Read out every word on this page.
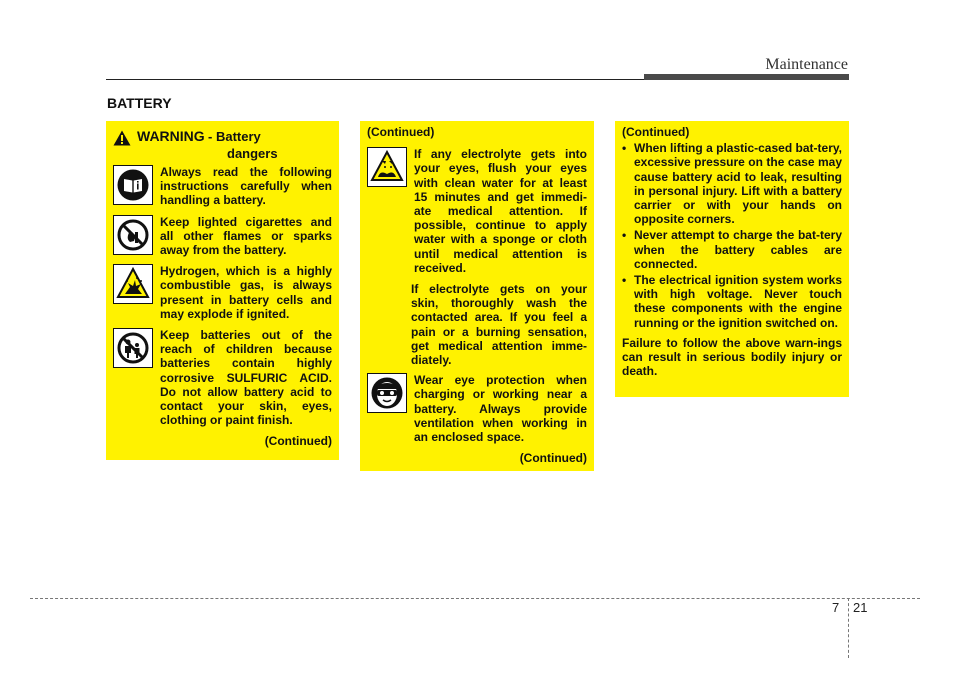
Maintenance
BATTERY
WARNING - Battery
dangers
Always read the following instructions carefully when handling a battery.
Keep lighted cigarettes and all other flames or sparks away from the battery.
Hydrogen, which is a highly combustible gas, is always present in battery cells and may explode if ignited.
Keep batteries out of the reach of children because batteries contain highly corrosive SULFURIC ACID. Do not allow battery acid to contact your skin, eyes, clothing or paint finish.
(Continued)
(Continued)
If any electrolyte gets into your eyes, flush your eyes with clean water for at least 15 minutes and get immedi-ate medical attention. If possible, continue to apply water with a sponge or cloth until medical attention is received.
If electrolyte gets on your skin, thoroughly wash the contacted area. If you feel a pain or a burning sensation, get medical attention imme-diately.
Wear eye protection when charging or working near a battery. Always provide ventilation when working in an enclosed space.
(Continued)
(Continued)
• When lifting a plastic-cased bat-tery, excessive pressure on the case may cause battery acid to leak, resulting in personal injury. Lift with a battery carrier or with your hands on opposite corners.
• Never attempt to charge the bat-tery when the battery cables are connected.
• The electrical ignition system works with high voltage. Never touch these components with the engine running or the ignition switched on.
Failure to follow the above warn-ings can result in serious bodily injury or death.
7 21
